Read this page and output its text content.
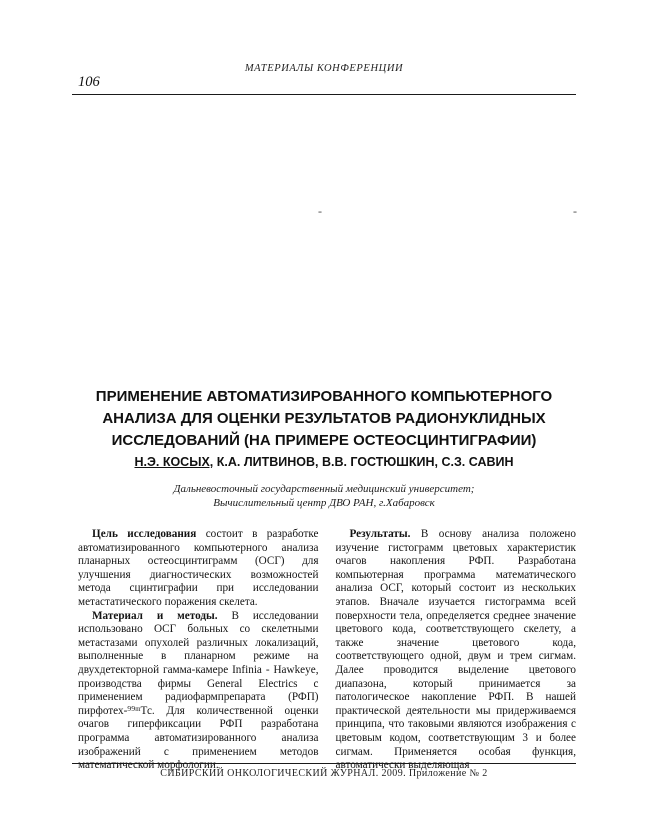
МАТЕРИАЛЫ КОНФЕРЕНЦИИ
106
-	-
ПРИМЕНЕНИЕ АВТОМАТИЗИРОВАННОГО КОМПЬЮТЕРНОГО
АНАЛИЗА ДЛЯ ОЦЕНКИ РЕЗУЛЬТАТОВ РАДИОНУКЛИДНЫХ
ИССЛЕДОВАНИЙ (НА ПРИМЕРЕ ОСТЕОСЦИНТИГРАФИИ)
Н.Э. КОСЫХ, К.А. ЛИТВИНОВ, В.В. ГОСТЮШКИН, С.З. САВИН
Дальневосточный государственный медицинский университет;
Вычислительный центр ДВО РАН, г.Хабаровск

Цель исследования состоит в разработке автоматизированного компьютерного анализа планарных остеосцинтиграмм (ОСГ) для улучшения диагностических возможностей метода сцинтиграфии при исследовании метастатического поражения скелета.

Материал и методы. В исследовании использовано ОСГ больных со скелетными метастазами опухолей различных локализаций, выполненные в планарном режиме на двухдетекторной гамма-камере Infinia - Hawkeye, производства фирмы General Electrics с применением радиофармпрепарата (РФП) пирфотех-⁹⁹ᵐТс. Для количественной оценки очагов гиперфиксации РФП разработана программа автоматизированного анализа изображений с применением методов математической морфологии.

Результаты. В основу анализа положено изучение гистограмм цветовых характеристик очагов накопления РФП. Разработана компьютерная программа математического анализа ОСГ, который состоит из нескольких этапов. Вначале изучается гистограмма всей поверхности тела, определяется среднее значение цветового кода, соответствующего скелету, а также значение цветового кода, соответствующего одной, двум и трем сигмам. Далее проводится выделение цветового диапазона, который принимается за патологическое накопление РФП. В нашей практической деятельности мы придерживаемся принципа, что таковыми являются изображения с цветовым кодом, соответствующим 3 и более сигмам. Применяется особая функция, автоматически выделяющая

СИБИРСКИЙ ОНКОЛОГИЧЕСКИЙ ЖУРНАЛ. 2009. Приложение № 2
